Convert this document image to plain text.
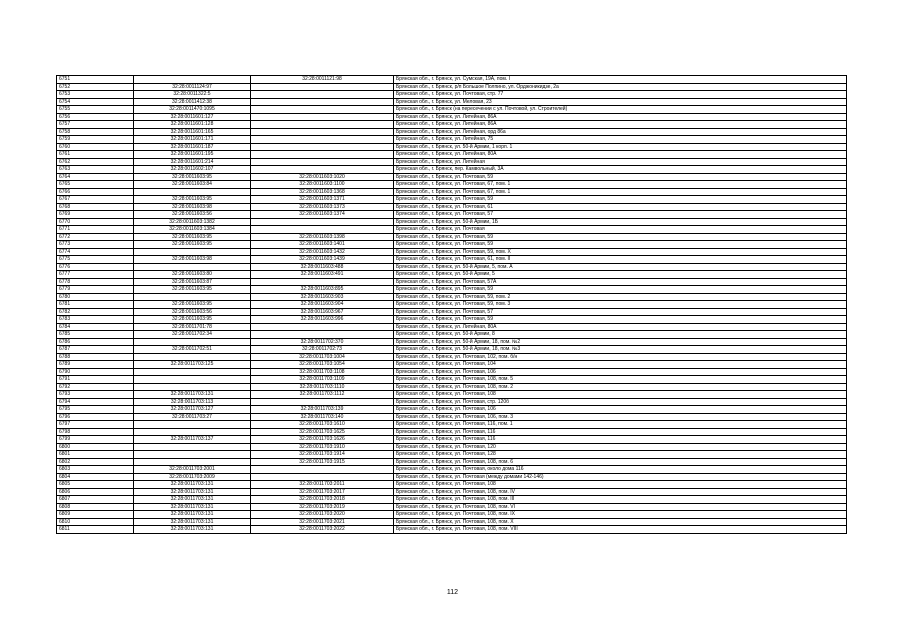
6751		32:28:0011121:98	Брянская обл., г. Брянск, ул. Сумская, 19А, пом. I
6752	32:28:0011124:97		Брянская обл., г. Брянск, р/п Большое Полпино, ул. Орджоникидзе, 2а
6753	32:28:0011322:5		Брянская обл., г. Брянск, ул. Почтовая, стр. 77
6754	32:28:0011412:38		Брянская обл., г. Брянск, ул. Меловая, 23
6755	32:28:0011470:1095		Брянская обл., г. Брянск (на пересечении с ул. Почтовой, ул. Строителей)
6756	32:28:0011601:127		Брянская обл., г. Брянск, ул. Литейная, 86А
6757	32:28:0011601:128		Брянская обл., г. Брянск, ул. Литейная, 86А
6758	32:28:0011601:165		Брянская обл., г. Брянск, ул. Литейная, орд 86а
6759	32:28:0011601:171		Брянская обл., г. Брянск, ул. Литейная, 75
6760	32:28:0011601:187		Брянская обл., г. Брянск, ул. 50-й Армии, 1 корп. 1
6761	32:28:0011601:195		Брянская обл., г. Брянск, ул. Литейная, 80А
6762	32:28:0011601:214		Брянская обл., г. Брянск, ул. Литейная
6763	32:28:0011602:107		Брянская обл., г. Брянск, пер. Камвольный, 3А
6764	32:28:0011603:95	32:28:0011603:1020	Брянская обл., г. Брянск, ул. Почтовая, 59
6765	32:28:0011603:84	32:28:0011603:1100	Брянская обл., г. Брянск, ул. Почтовая, 67, пом. 1
6766		32:28:0011603:1368	Брянская обл., г. Брянск, ул. Почтовая, 67, пом. 1
6767	32:28:0011603:95	32:28:0011603:1371	Брянская обл., г. Брянск, ул. Почтовая, 59
6768	32:28:0011603:98	32:28:0011603:1373	Брянская обл., г. Брянск, ул. Почтовая, 61
6769	32:28:0011603:56	32:28:0011603:1374	Брянская обл., г. Брянск, ул. Почтовая, 57
6770	32:28:0011603:1382		Брянская обл., г. Брянск, ул. 50-й Армии, 1Б
6771	32:28:0011603:1384		Брянская обл., г. Брянск, ул. Почтовая
6772	32:28:0011603:95	32:28:0011603:1398	Брянская обл., г. Брянск, ул. Почтовая, 59
6773	32:28:0011603:95	32:28:0011603:1401	Брянская обл., г. Брянск, ул. Почтовая, 59
6774		32:28:0011603:1432	Брянская обл., г. Брянск, ул. Почтовая, 59, пом. Х
6775	32:28:0011603:98	32:28:0011603:1439	Брянская обл., г. Брянск, ул. Почтовая, 61, пом. II
6776		32:28:0011603:488	Брянская обл., г. Брянск, ул. 50-й Армии, 5, пом. А
6777	32:28:0011603:80	32:28:0011603:491	Брянская обл., г. Брянск, ул. 50-й Армии, 5
6778	32:28:0011603:87		Брянская обл., г. Брянск, ул. Почтовая, 57А
6779	32:28:0011603:95	32:28:0011603:895	Брянская обл., г. Брянск, ул. Почтовая, 59
6780		32:28:0011603:903	Брянская обл., г. Брянск, ул. Почтовая, 59, пом. 2
6781	32:28:0011603:95	32:28:0011603:904	Брянская обл., г. Брянск, ул. Почтовая, 59, пом. 3
6782	32:28:0011603:56	32:28:0011603:967	Брянская обл., г. Брянск, ул. Почтовая, 57
6783	32:28:0011603:95	32:28:0011603:996	Брянская обл., г. Брянск, ул. Почтовая, 59
6784	32:28:0011701:78		Брянская обл., г. Брянск, ул. Литейная, 80А
6785	32:28:0011702:34		Брянская обл., г. Брянск, ул. 50-й Армии, 8
6786		32:28:0011702:370	Брянская обл., г. Брянск, ул. 50-й Армии, 18, пом. №2
6787	32:28:0011702:51	32:28:0011702:73	Брянская обл., г. Брянск, ул. 50-й Армии, 18, пом. №3
6788		32:28:0011703:1004	Брянская обл., г. Брянск, ул. Почтовая, 102, пом. б/н
6789	32:28:0011703:125	32:28:0011703:1054	Брянская обл., г. Брянск, ул. Почтовая, 104
6790		32:28:0011703:1108	Брянская обл., г. Брянск, ул. Почтовая, 106
6791		32:28:0011703:1109	Брянская обл., г. Брянск, ул. Почтовая, 108, пом. 5
6792		32:28:0011703:1110	Брянская обл., г. Брянск, ул. Почтовая, 108, пом. 2
6793	32:28:0011703:131	32:28:0011703:1112	Брянская обл., г. Брянск, ул. Почтовая, 108
6794	32:28:0011703:113		Брянская обл., г. Брянск, ул. Почтовая, стр. 120б
6795	32:28:0011703:127	32:28:0011703:139	Брянская обл., г. Брянск, ул. Почтовая, 106
6796	32:28:0011703:27	32:28:0011703:140	Брянская обл., г. Брянск, ул. Почтовая, 106, пом. 3
6797		32:28:0011703:1610	Брянская обл., г. Брянск, ул. Почтовая, 116, пом. 1
6798		32:28:0011703:1625	Брянская обл., г. Брянск, ул. Почтовая, 116
6799	32:28:0011703:137	32:28:0011703:1626	Брянская обл., г. Брянск, ул. Почтовая, 116
6800		32:28:0011703:1910	Брянская обл., г. Брянск, ул. Почтовая, 120
6801		32:28:0011703:1914	Брянская обл., г. Брянск, ул. Почтовая, 128
6802		32:28:0011703:1915	Брянская обл., г. Брянск, ул. Почтовая, 108, пом. 6
6803	32:28:0011703:2001		Брянская обл., г. Брянск, ул. Почтовая, около дома 116
6804	32:28:0011703:2009		Брянская обл., г. Брянск, ул. Почтовая (между домами 142-146)
6805	32:28:0011703:131	32:28:0011703:2011	Брянская обл., г. Брянск, ул. Почтовая, 108
6806	32:28:0011703:131	32:28:0011703:2017	Брянская обл., г. Брянск, ул. Почтовая, 108, пом. IV
6807	32:28:0011703:131	32:28:0011703:2018	Брянская обл., г. Брянск, ул. Почтовая, 108, пом. III
6808	32:28:0011703:131	32:28:0011703:2019	Брянская обл., г. Брянск, ул. Почтовая, 108, пом. VI
6809	32:28:0011703:131	32:28:0011703:2020	Брянская обл., г. Брянск, ул. Почтовая, 108, пом. IX
6810	32:28:0011703:131	32:28:0011703:2021	Брянская обл., г. Брянск, ул. Почтовая, 108, пом. Х
6811	32:28:0011703:131	32:28:0011703:2022	Брянская обл., г. Брянск, ул. Почтовая, 108, пом. VIII
112
